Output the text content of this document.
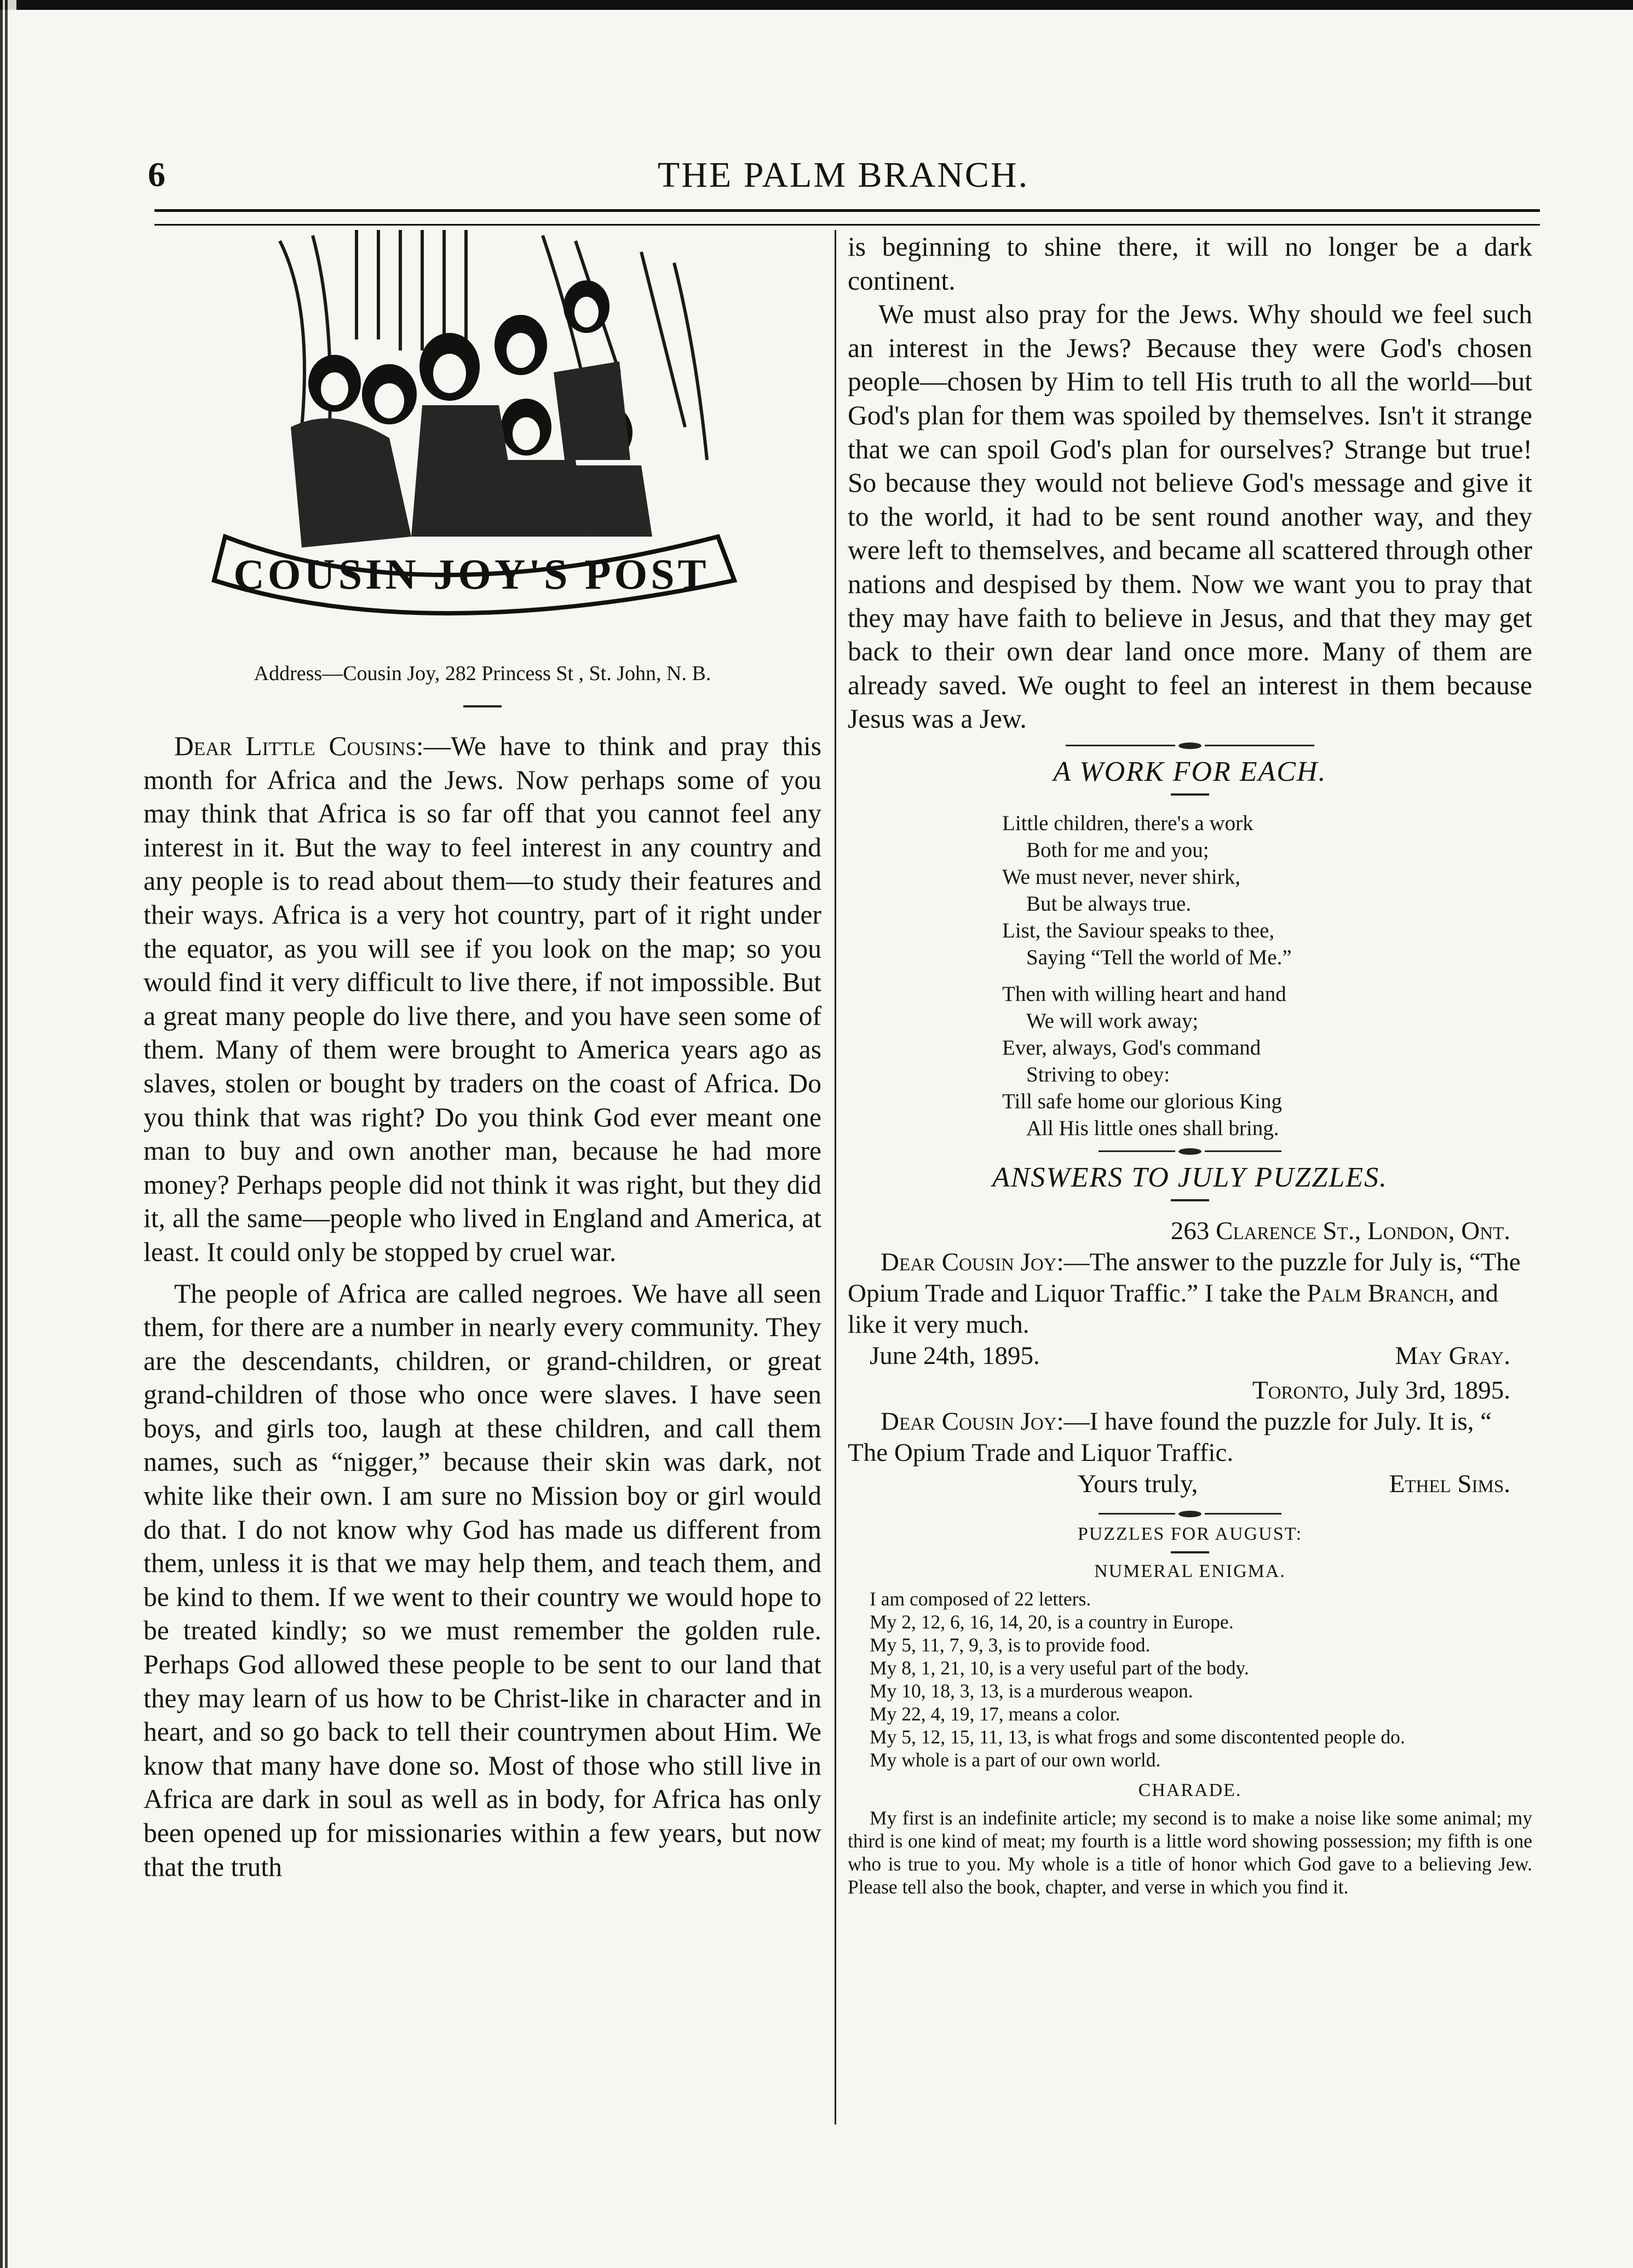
6	THE PALM BRANCH.
COUSIN JOY'S POST
Address—Cousin Joy, 282 Princess St , St. John, N. B.

Dear Little Cousins:—We have to think and pray this month for Africa and the Jews. Now perhaps some of you may think that Africa is so far off that you cannot feel any interest in it. But the way to feel interest in any country and any people is to read about them—to study their features and their ways. Africa is a very hot country, part of it right under the equator, as you will see if you look on the map; so you would find it very difficult to live there, if not impossible. But a great many people do live there, and you have seen some of them. Many of them were brought to America years ago as slaves, stolen or bought by traders on the coast of Africa. Do you think that was right? Do you think God ever meant one man to buy and own another man, because he had more money? Perhaps people did not think it was right, but they did it, all the same—people who lived in England and America, at least. It could only be stopped by cruel war.

The people of Africa are called negroes. We have all seen them, for there are a number in nearly every community. They are the descendants, children, or grand-children, or great grand-children of those who once were slaves. I have seen boys, and girls too, laugh at these children, and call them names, such as “nigger,” because their skin was dark, not white like their own. I am sure no Mission boy or girl would do that. I do not know why God has made us different from them, unless it is that we may help them, and teach them, and be kind to them. If we went to their country we would hope to be treated kindly; so we must remember the golden rule. Perhaps God allowed these people to be sent to our land that they may learn of us how to be Christ-like in character and in heart, and so go back to tell their countrymen about Him. We know that many have done so. Most of those who still live in Africa are dark in soul as well as in body, for Africa has only been opened up for missionaries within a few years, but now that the truth

is beginning to shine there, it will no longer be a dark continent.

We must also pray for the Jews. Why should we feel such an interest in the Jews? Because they were God's chosen people—chosen by Him to tell His truth to all the world—but God's plan for them was spoiled by themselves. Isn't it strange that we can spoil God's plan for ourselves? Strange but true! So because they would not believe God's message and give it to the world, it had to be sent round another way, and they were left to themselves, and became all scattered through other nations and despised by them. Now we want you to pray that they may have faith to believe in Jesus, and that they may get back to their own dear land once more. Many of them are already saved. We ought to feel an interest in them because Jesus was a Jew.

A WORK FOR EACH.
Little children, there's a work
Both for me and you;
We must never, never shirk,
But be always true.
List, the Saviour speaks to thee,
Saying “Tell the world of Me.”
Then with willing heart and hand
We will work away;
Ever, always, God's command
Striving to obey:
Till safe home our glorious King
All His little ones shall bring.
ANSWERS TO JULY PUZZLES.
263 Clarence St., London, Ont.
Dear Cousin Joy:—The answer to the puzzle for July is, “The Opium Trade and Liquor Traffic.” I take the Palm Branch, and like it very much.
June 24th, 1895.	May Gray.
Toronto, July 3rd, 1895.
Dear Cousin Joy:—I have found the puzzle for July. It is, “ The Opium Trade and Liquor Traffic.
Yours truly,	Ethel Sims.
PUZZLES FOR AUGUST:
NUMERAL ENIGMA.

I am composed of 22 letters.

My 2, 12, 6, 16, 14, 20, is a country in Europe.

My 5, 11, 7, 9, 3, is to provide food.

My 8, 1, 21, 10, is a very useful part of the body.

My 10, 18, 3, 13, is a murderous weapon.

My 22, 4, 19, 17, means a color.

My 5, 12, 15, 11, 13, is what frogs and some discontented people do.

My whole is a part of our own world.

CHARADE.

My first is an indefinite article; my second is to make a noise like some animal; my third is one kind of meat; my fourth is a little word showing possession; my fifth is one who is true to you. My whole is a title of honor which God gave to a believing Jew. Please tell also the book, chapter, and verse in which you find it.
